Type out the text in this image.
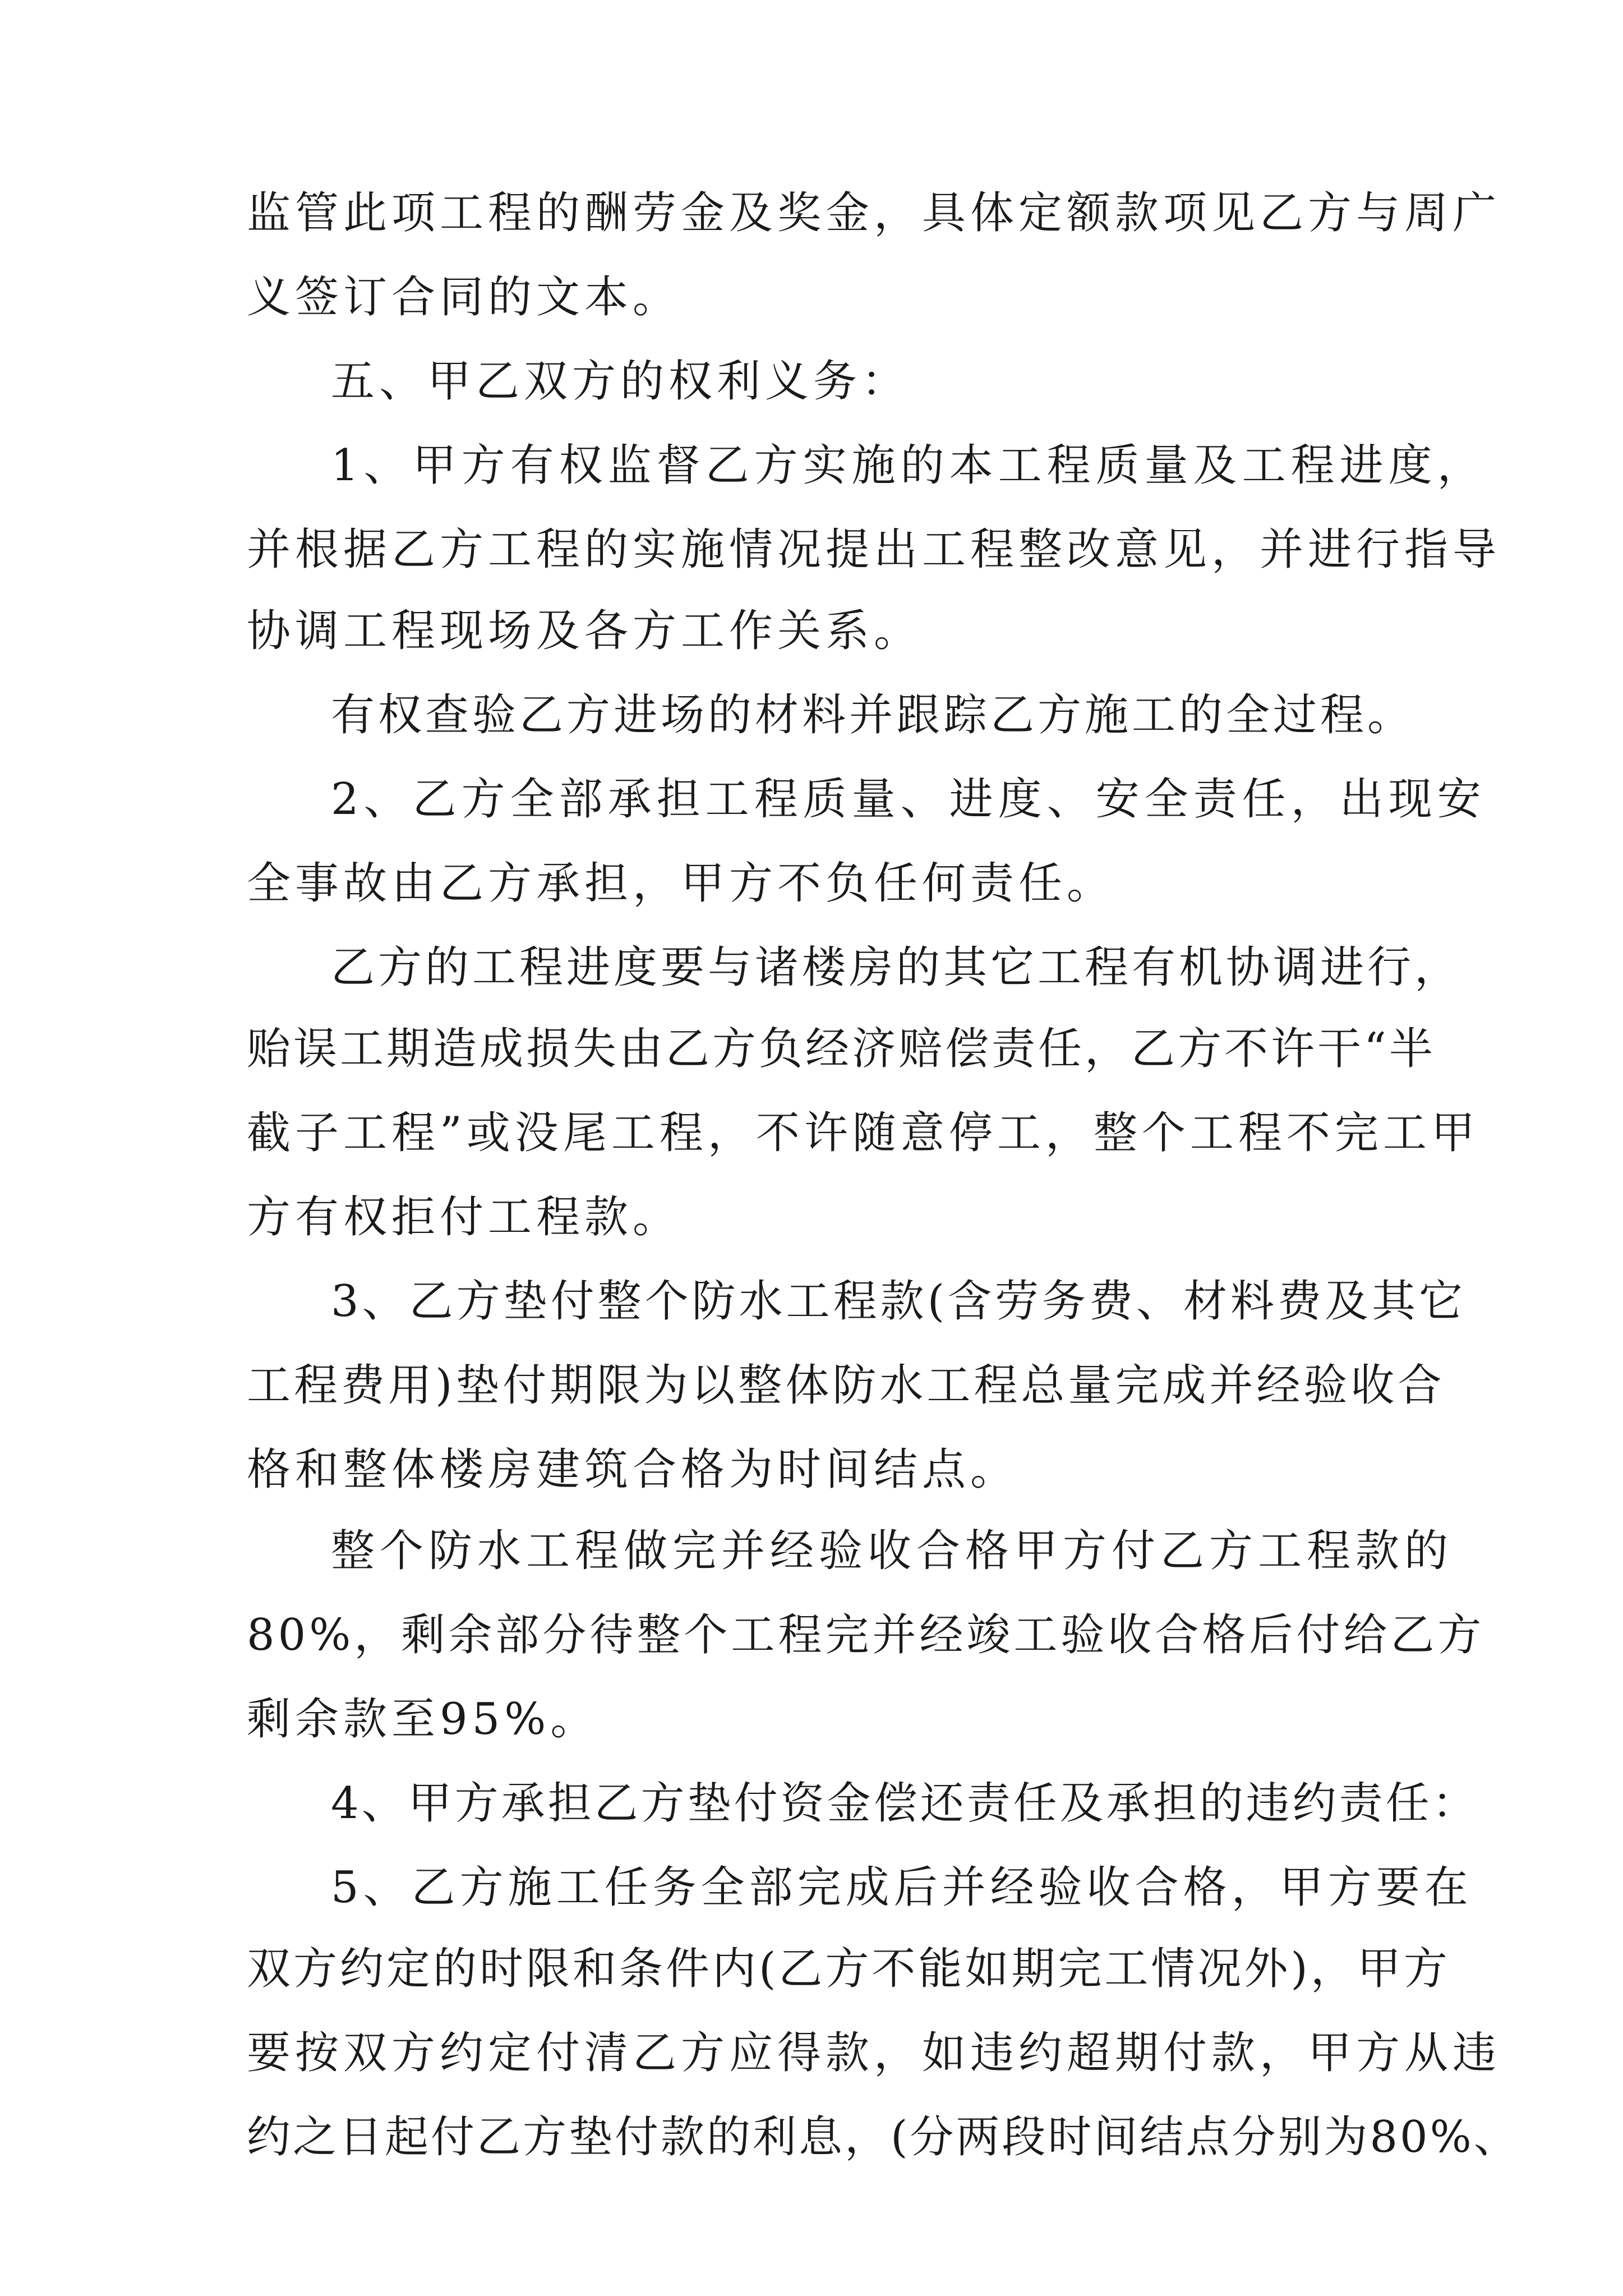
监管此项工程的酬劳金及奖金，具体定额款项见乙方与周广

义签订合同的文本。

五、甲乙双方的权利义务：

1、甲方有权监督乙方实施的本工程质量及工程进度，

并根据乙方工程的实施情况提出工程整改意见，并进行指导

协调工程现场及各方工作关系。

有权查验乙方进场的材料并跟踪乙方施工的全过程。

2、乙方全部承担工程质量、进度、安全责任，出现安

全事故由乙方承担，甲方不负任何责任。

乙方的工程进度要与诸楼房的其它工程有机协调进行，

贻误工期造成损失由乙方负经济赔偿责任，乙方不许干“半

截子工程”或没尾工程，不许随意停工，整个工程不完工甲

方有权拒付工程款。

3、乙方垫付整个防水工程款(含劳务费、材料费及其它

工程费用)垫付期限为以整体防水工程总量完成并经验收合

格和整体楼房建筑合格为时间结点。

整个防水工程做完并经验收合格甲方付乙方工程款的

80%，剩余部分待整个工程完并经竣工验收合格后付给乙方

剩余款至95%。

4、甲方承担乙方垫付资金偿还责任及承担的违约责任：

5、乙方施工任务全部完成后并经验收合格，甲方要在

双方约定的时限和条件内(乙方不能如期完工情况外)，甲方

要按双方约定付清乙方应得款，如违约超期付款，甲方从违

约之日起付乙方垫付款的利息，(分两段时间结点分别为80%、
